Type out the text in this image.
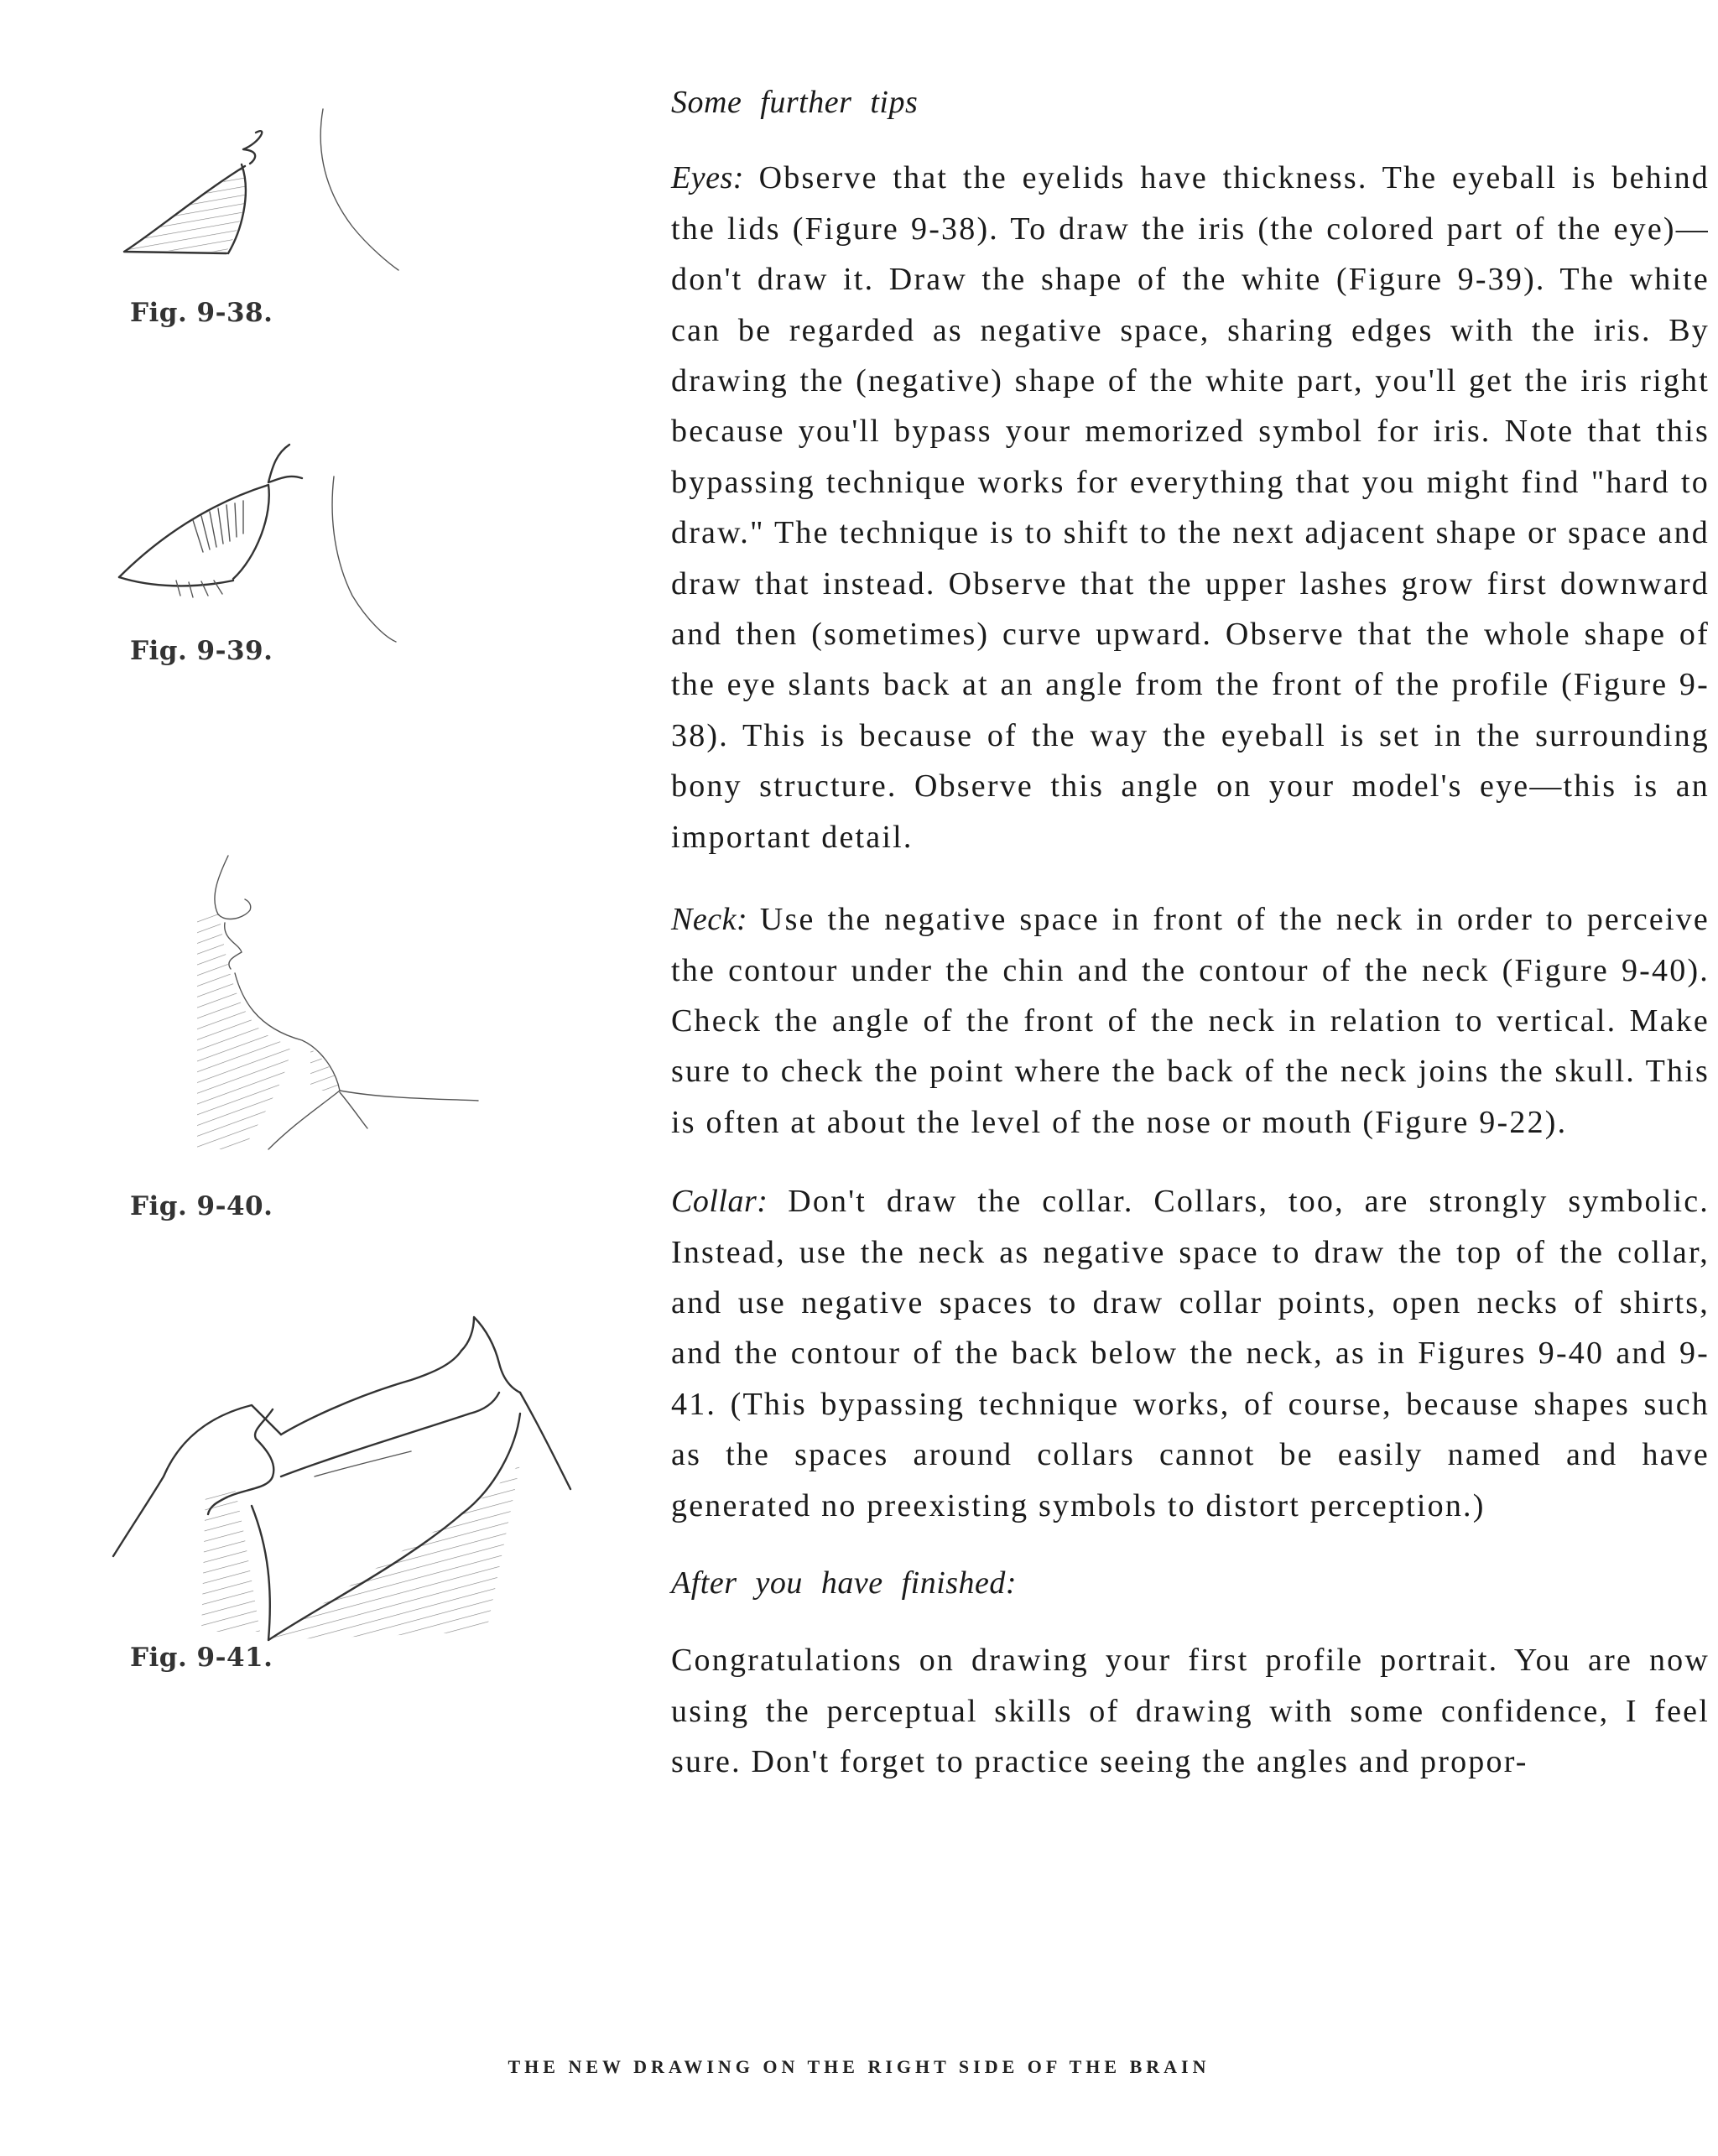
Fig. 9-38.
Fig. 9-39.
Fig. 9-40.
Fig. 9-41.

Some further tips

Eyes: Observe that the eyelids have thickness. The eyeball is behind the lids (Figure 9-38). To draw the iris (the colored part of the eye)—don't draw it. Draw the shape of the white (Figure 9-39). The white can be regarded as negative space, sharing edges with the iris. By drawing the (negative) shape of the white part, you'll get the iris right because you'll bypass your memorized symbol for iris. Note that this bypassing technique works for everything that you might find "hard to draw." The technique is to shift to the next adjacent shape or space and draw that instead. Observe that the upper lashes grow first downward and then (sometimes) curve upward. Observe that the whole shape of the eye slants back at an angle from the front of the profile (Figure 9-38). This is because of the way the eyeball is set in the surrounding bony structure. Observe this angle on your model's eye—this is an important detail.

Neck: Use the negative space in front of the neck in order to perceive the contour under the chin and the contour of the neck (Figure 9-40). Check the angle of the front of the neck in relation to vertical. Make sure to check the point where the back of the neck joins the skull. This is often at about the level of the nose or mouth (Figure 9-22).

Collar: Don't draw the collar. Collars, too, are strongly symbolic. Instead, use the neck as negative space to draw the top of the collar, and use negative spaces to draw collar points, open necks of shirts, and the contour of the back below the neck, as in Figures 9-40 and 9-41. (This bypassing technique works, of course, because shapes such as the spaces around collars cannot be easily named and have generated no preexisting symbols to distort perception.)

After you have finished:

Congratulations on drawing your first profile portrait. You are now using the perceptual skills of drawing with some confidence, I feel sure. Don't forget to practice seeing the angles and propor-

THE NEW DRAWING ON THE RIGHT SIDE OF THE BRAIN
